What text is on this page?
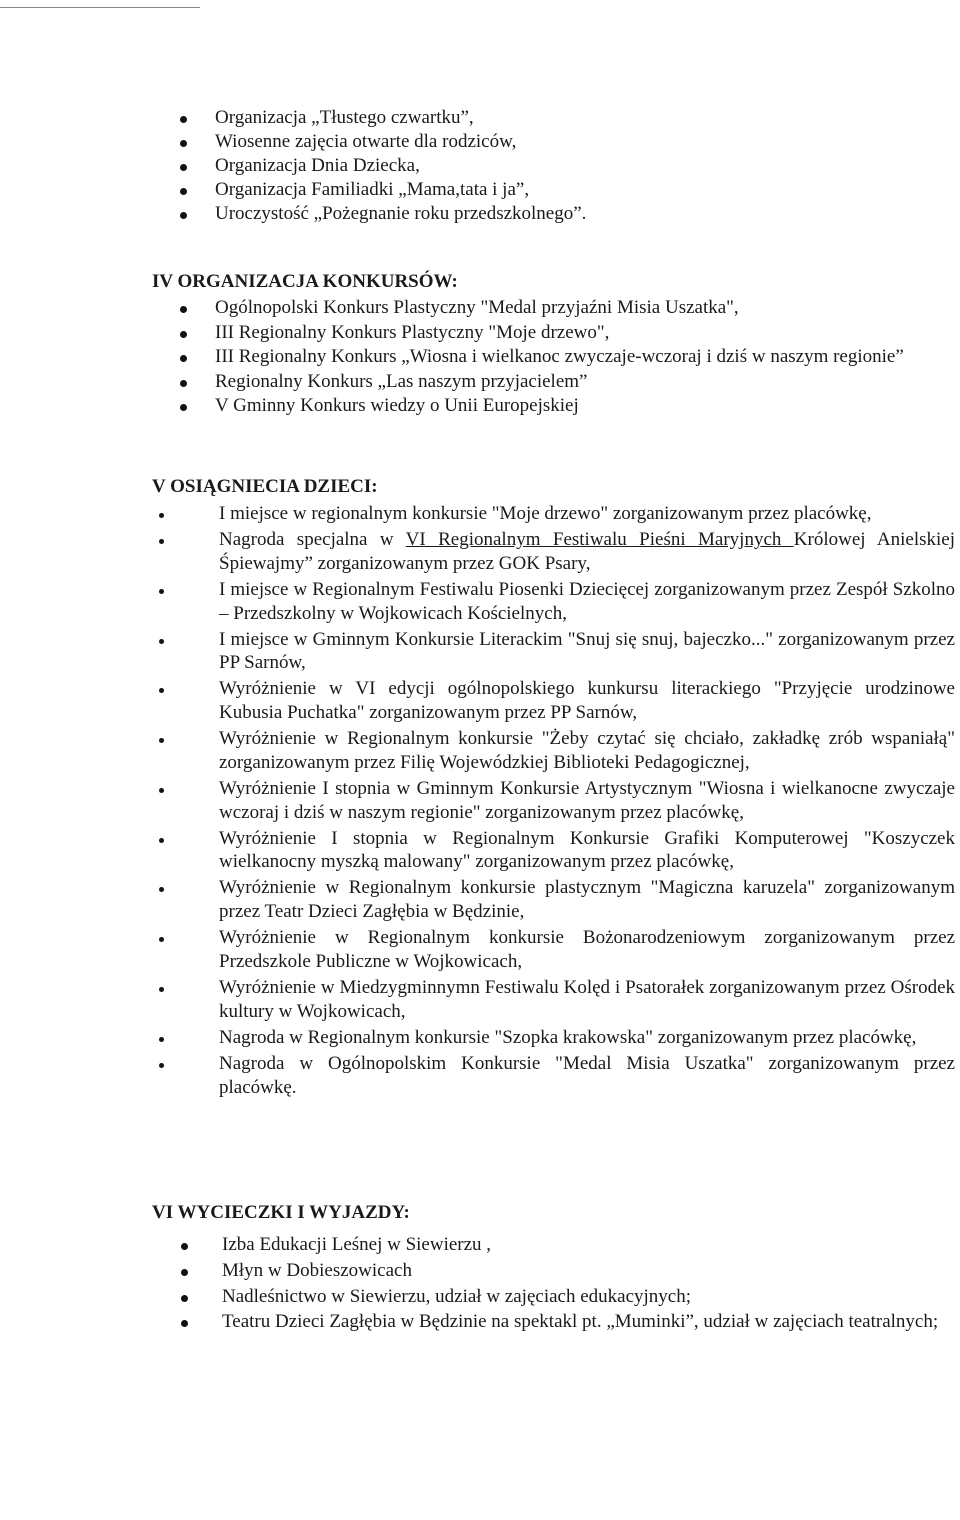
Organizacja „Tłustego czwartku”,
Wiosenne zajęcia otwarte dla rodziców,
Organizacja Dnia Dziecka,
Organizacja Familiadki „Mama,tata i ja”,
Uroczystość „Pożegnanie roku przedszkolnego”.
IV ORGANIZACJA KONKURSÓW:
Ogólnopolski Konkurs Plastyczny "Medal przyjaźni Misia Uszatka",
III Regionalny Konkurs Plastyczny "Moje drzewo",
III Regionalny Konkurs „Wiosna i wielkanoc zwyczaje-wczoraj i dziś w naszym regionie”
Regionalny Konkurs „Las naszym przyjacielem”
V Gminny Konkurs wiedzy o Unii Europejskiej
V OSIĄGNIECIA DZIECI:
I miejsce w regionalnym konkursie "Moje drzewo" zorganizowanym przez placówkę,
Nagroda specjalna w VI Regionalnym Festiwalu Pieśni Maryjnych Królowej Anielskiej Śpiewajmy” zorganizowanym przez GOK Psary,
I miejsce w Regionalnym Festiwalu Piosenki Dziecięcej zorganizowanym przez Zespół Szkolno – Przedszkolny w Wojkowicach Kościelnych,
I miejsce w Gminnym Konkursie Literackim "Snuj się snuj, bajeczko..." zorganizowanym przez PP Sarnów,
Wyróżnienie w VI edycji ogólnopolskiego kunkursu literackiego "Przyjęcie urodzinowe Kubusia Puchatka" zorganizowanym przez PP Sarnów,
Wyróżnienie w Regionalnym konkursie "Żeby czytać się chciało, zakładkę zrób wspaniałą" zorganizowanym przez Filię Wojewódzkiej Biblioteki Pedagogicznej,
Wyróżnienie I stopnia w Gminnym Konkursie Artystycznym "Wiosna i wielkanocne zwyczaje wczoraj i dziś w naszym regionie" zorganizowanym przez placówkę,
Wyróżnienie I stopnia w Regionalnym Konkursie Grafiki Komputerowej "Koszyczek wielkanocny myszką malowany" zorganizowanym przez placówkę,
Wyróżnienie w Regionalnym konkursie plastycznym "Magiczna karuzela" zorganizowanym przez Teatr Dzieci Zagłębia w Będzinie,
Wyróżnienie w Regionalnym konkursie Bożonarodzeniowym zorganizowanym przez Przedszkole Publiczne w Wojkowicach,
Wyróżnienie w Miedzygminnymn Festiwalu Kolęd i Psatorałek zorganizowanym przez Ośrodek kultury w Wojkowicach,
Nagroda w Regionalnym konkursie "Szopka krakowska" zorganizowanym przez placówkę,
Nagroda w Ogólnopolskim Konkursie "Medal Misia Uszatka" zorganizowanym przez placówkę.
VI WYCIECZKI I WYJAZDY:
Izba Edukacji Leśnej w Siewierzu ,
Młyn w Dobieszowicach
Nadleśnictwo w Siewierzu, udział w zajęciach edukacyjnych;
Teatru Dzieci Zagłębia w Będzinie na spektakl pt. „Muminki”, udział w zajęciach teatralnych;
